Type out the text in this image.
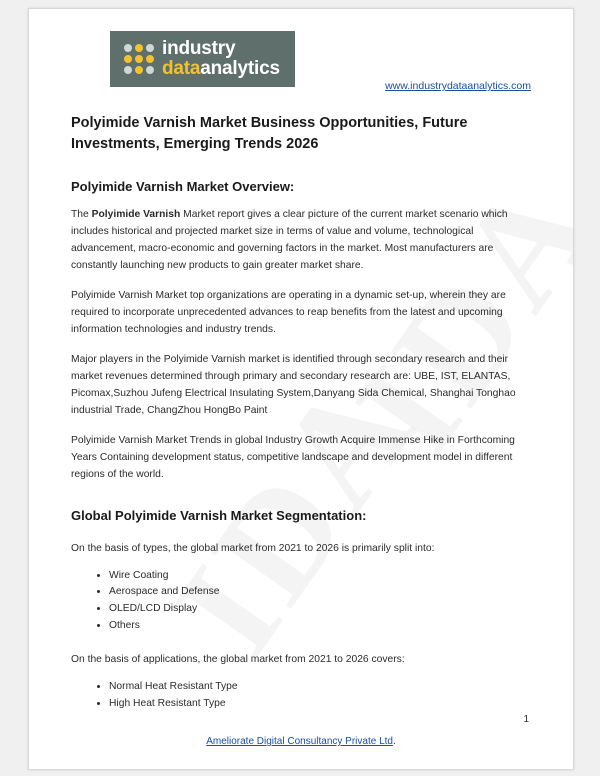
industry
dataanalytics
www.industrydataanalytics.com
Polyimide Varnish Market Business Opportunities, Future Investments, Emerging Trends 2026
Polyimide Varnish Market Overview:

The Polyimide Varnish Market report gives a clear picture of the current market scenario which includes historical and projected market size in terms of value and volume, technological advancement, macro-economic and governing factors in the market. Most manufacturers are constantly launching new products to gain greater market share.

Polyimide Varnish Market top organizations are operating in a dynamic set-up, wherein they are required to incorporate unprecedented advances to reap benefits from the latest and upcoming information technologies and industry trends.

Major players in the Polyimide Varnish market is identified through secondary research and their market revenues determined through primary and secondary research are: UBE, IST, ELANTAS, Picomax,Suzhou Jufeng Electrical Insulating System,Danyang Sida Chemical, Shanghai Tonghao industrial Trade, ChangZhou HongBo Paint

Polyimide Varnish Market Trends in global Industry Growth Acquire Immense Hike in Forthcoming Years Containing development status, competitive landscape and development model in different regions of the world.

Global Polyimide Varnish Market Segmentation:

On the basis of types, the global market from 2021 to 2026 is primarily split into:

• Wire Coating
• Aerospace and Defense
• OLED/LCD Display
• Others

On the basis of applications, the global market from 2021 to 2026 covers:

• Normal Heat Resistant Type
• High Heat Resistant Type
1
Ameliorate Digital Consultancy Private Ltd.
